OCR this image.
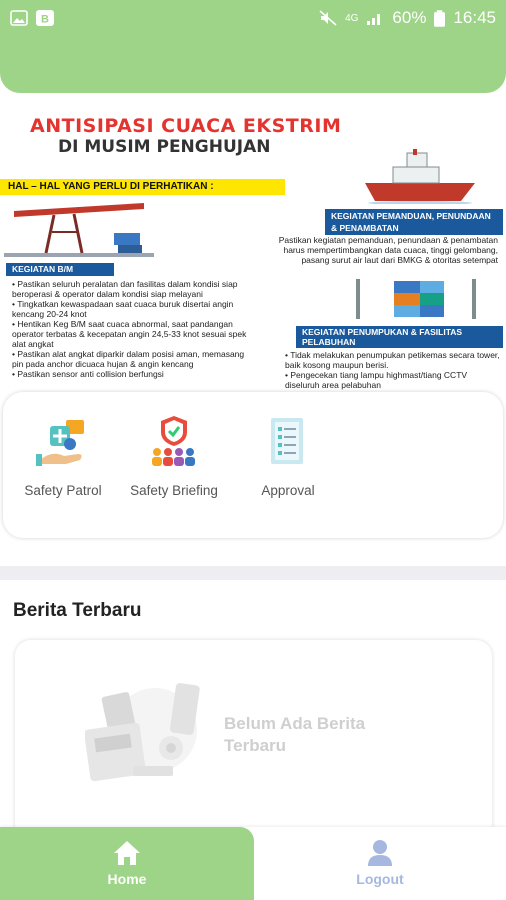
B	4G 60% 16:45
ANTISIPASI CUACA EKSTRIM
DI MUSIM PENGHUJAN
HAL – HAL YANG PERLU DI PERHATIKAN :
KEGIATAN B/M
• Pastikan seluruh peralatan dan fasilitas dalam kondisi siap beroperasi & operator dalam kondisi siap melayani
• Tingkatkan kewaspadaan saat cuaca buruk disertai angin kencang 20-24 knot
• Hentikan Keg B/M saat cuaca abnormal, saat pandangan operator terbatas & kecepatan angin 24,5-33 knot sesuai spek alat angkat
• Pastikan alat angkat diparkir dalam posisi aman, memasang pin pada anchor dicuaca hujan & angin kencang
• Pastikan sensor anti collision berfungsi
KEGIATAN PEMANDUAN, PENUNDAAN & PENAMBATAN
Pastikan kegiatan pemanduan, penundaan & penambatan harus mempertimbangkan data cuaca, tinggi gelombang, pasang surut air laut dari BMKG & otoritas setempat
KEGIATAN PENUMPUKAN & FASILITAS PELABUHAN
• Tidak melakukan penumpukan petikemas secara tower, baik kosong maupun berisi.
• Pengecekan tiang lampu highmast/tiang CCTV diseluruh area pelabuhan
Safety Patrol	Safety Briefing	Approval
Berita Terbaru
Belum Ada Berita Terbaru
Home	Logout
